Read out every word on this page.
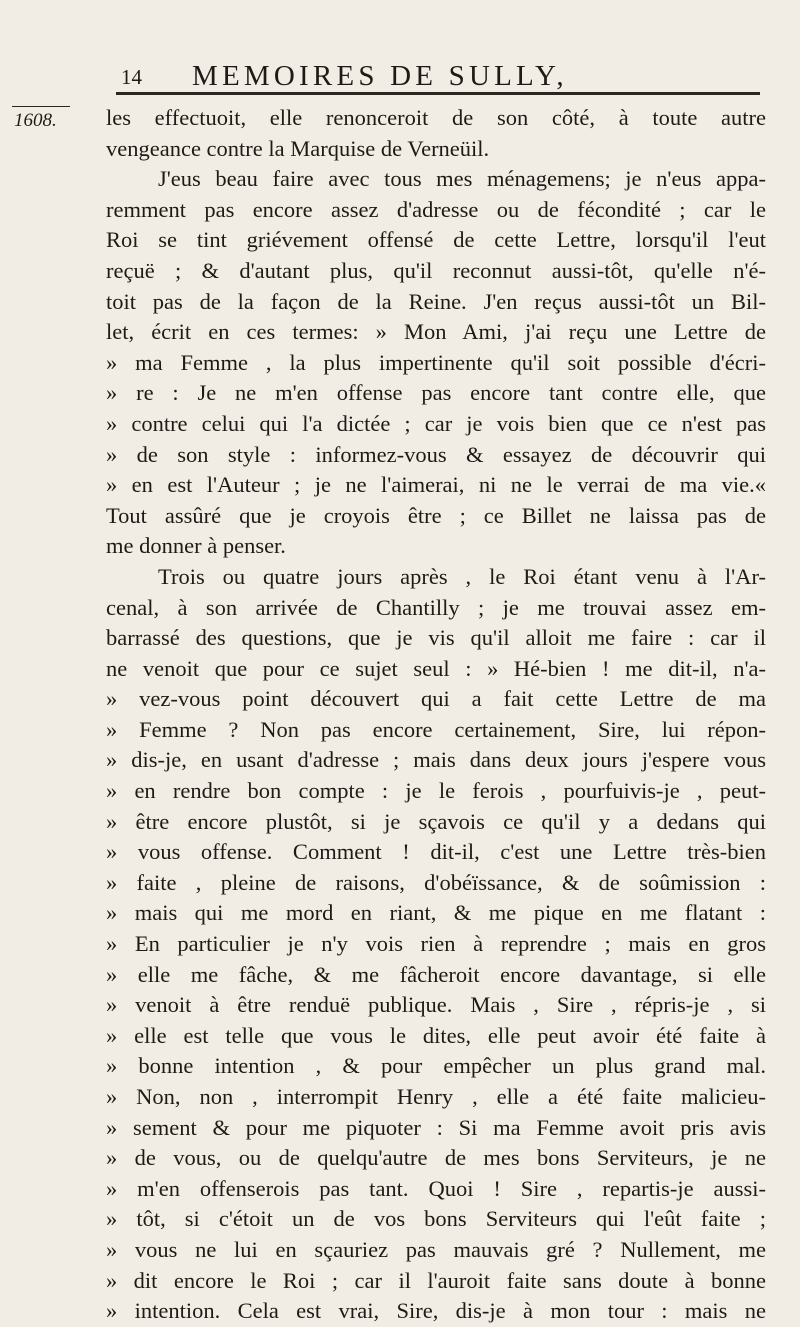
14 MEMOIRES DE SULLY,
1608. les effectuoit, elle renonceroit de son côté, à toute autre
vengeance contre la Marquise de Verneüil.
J'eus beau faire avec tous mes ménagemens; je n'eus appa-
remment pas encore assez d'adresse ou de fécondité ; car le
Roi se tint griévement offensé de cette Lettre, lorsqu'il l'eut
reçuë ; & d'autant plus, qu'il reconnut aussi-tôt, qu'elle n'é-
toit pas de la façon de la Reine. J'en reçus aussi-tôt un Bil-
let, écrit en ces termes: » Mon Ami, j'ai reçu une Lettre de
» ma Femme , la plus impertinente qu'il soit possible d'écri-
» re : Je ne m'en offense pas encore tant contre elle, que
» contre celui qui l'a dictée ; car je vois bien que ce n'est pas
» de son style : informez-vous & essayez de découvrir qui
» en est l'Auteur ; je ne l'aimerai, ni ne le verrai de ma vie.«
Tout assûré que je croyois être ; ce Billet ne laissa pas de
me donner à penser.
Trois ou quatre jours après , le Roi étant venu à l'Ar-
cenal, à son arrivée de Chantilly ; je me trouvai assez em-
barrassé des questions, que je vis qu'il alloit me faire : car il
ne venoit que pour ce sujet seul : » Hé-bien ! me dit-il, n'a-
» vez-vous point découvert qui a fait cette Lettre de ma
» Femme ? Non pas encore certainement, Sire, lui répon-
» dis-je, en usant d'adresse ; mais dans deux jours j'espere vous
» en rendre bon compte : je le ferois , pourfuivis-je , peut-
» être encore plustôt, si je sçavois ce qu'il y a dedans qui
» vous offense. Comment ! dit-il, c'est une Lettre très-bien
» faite , pleine de raisons, d'obéïssance, & de soûmission :
» mais qui me mord en riant, & me pique en me flatant :
» En particulier je n'y vois rien à reprendre ; mais en gros
» elle me fâche, & me fâcheroit encore davantage, si elle
» venoit à être renduë publique. Mais , Sire , répris-je , si
» elle est telle que vous le dites, elle peut avoir été faite à
» bonne intention , & pour empêcher un plus grand mal.
» Non, non , interrompit Henry , elle a été faite malicieu-
» sement & pour me piquoter : Si ma Femme avoit pris avis
» de vous, ou de quelqu'autre de mes bons Serviteurs, je ne
» m'en offenserois pas tant. Quoi ! Sire , repartis-je aussi-
» tôt, si c'étoit un de vos bons Serviteurs qui l'eût faite ;
» vous ne lui en sçauriez pas mauvais gré ? Nullement, me
» dit encore le Roi ; car il l'auroit faite sans doute à bonne
» intention. Cela est vrai, Sire, dis-je à mon tour : mais ne
